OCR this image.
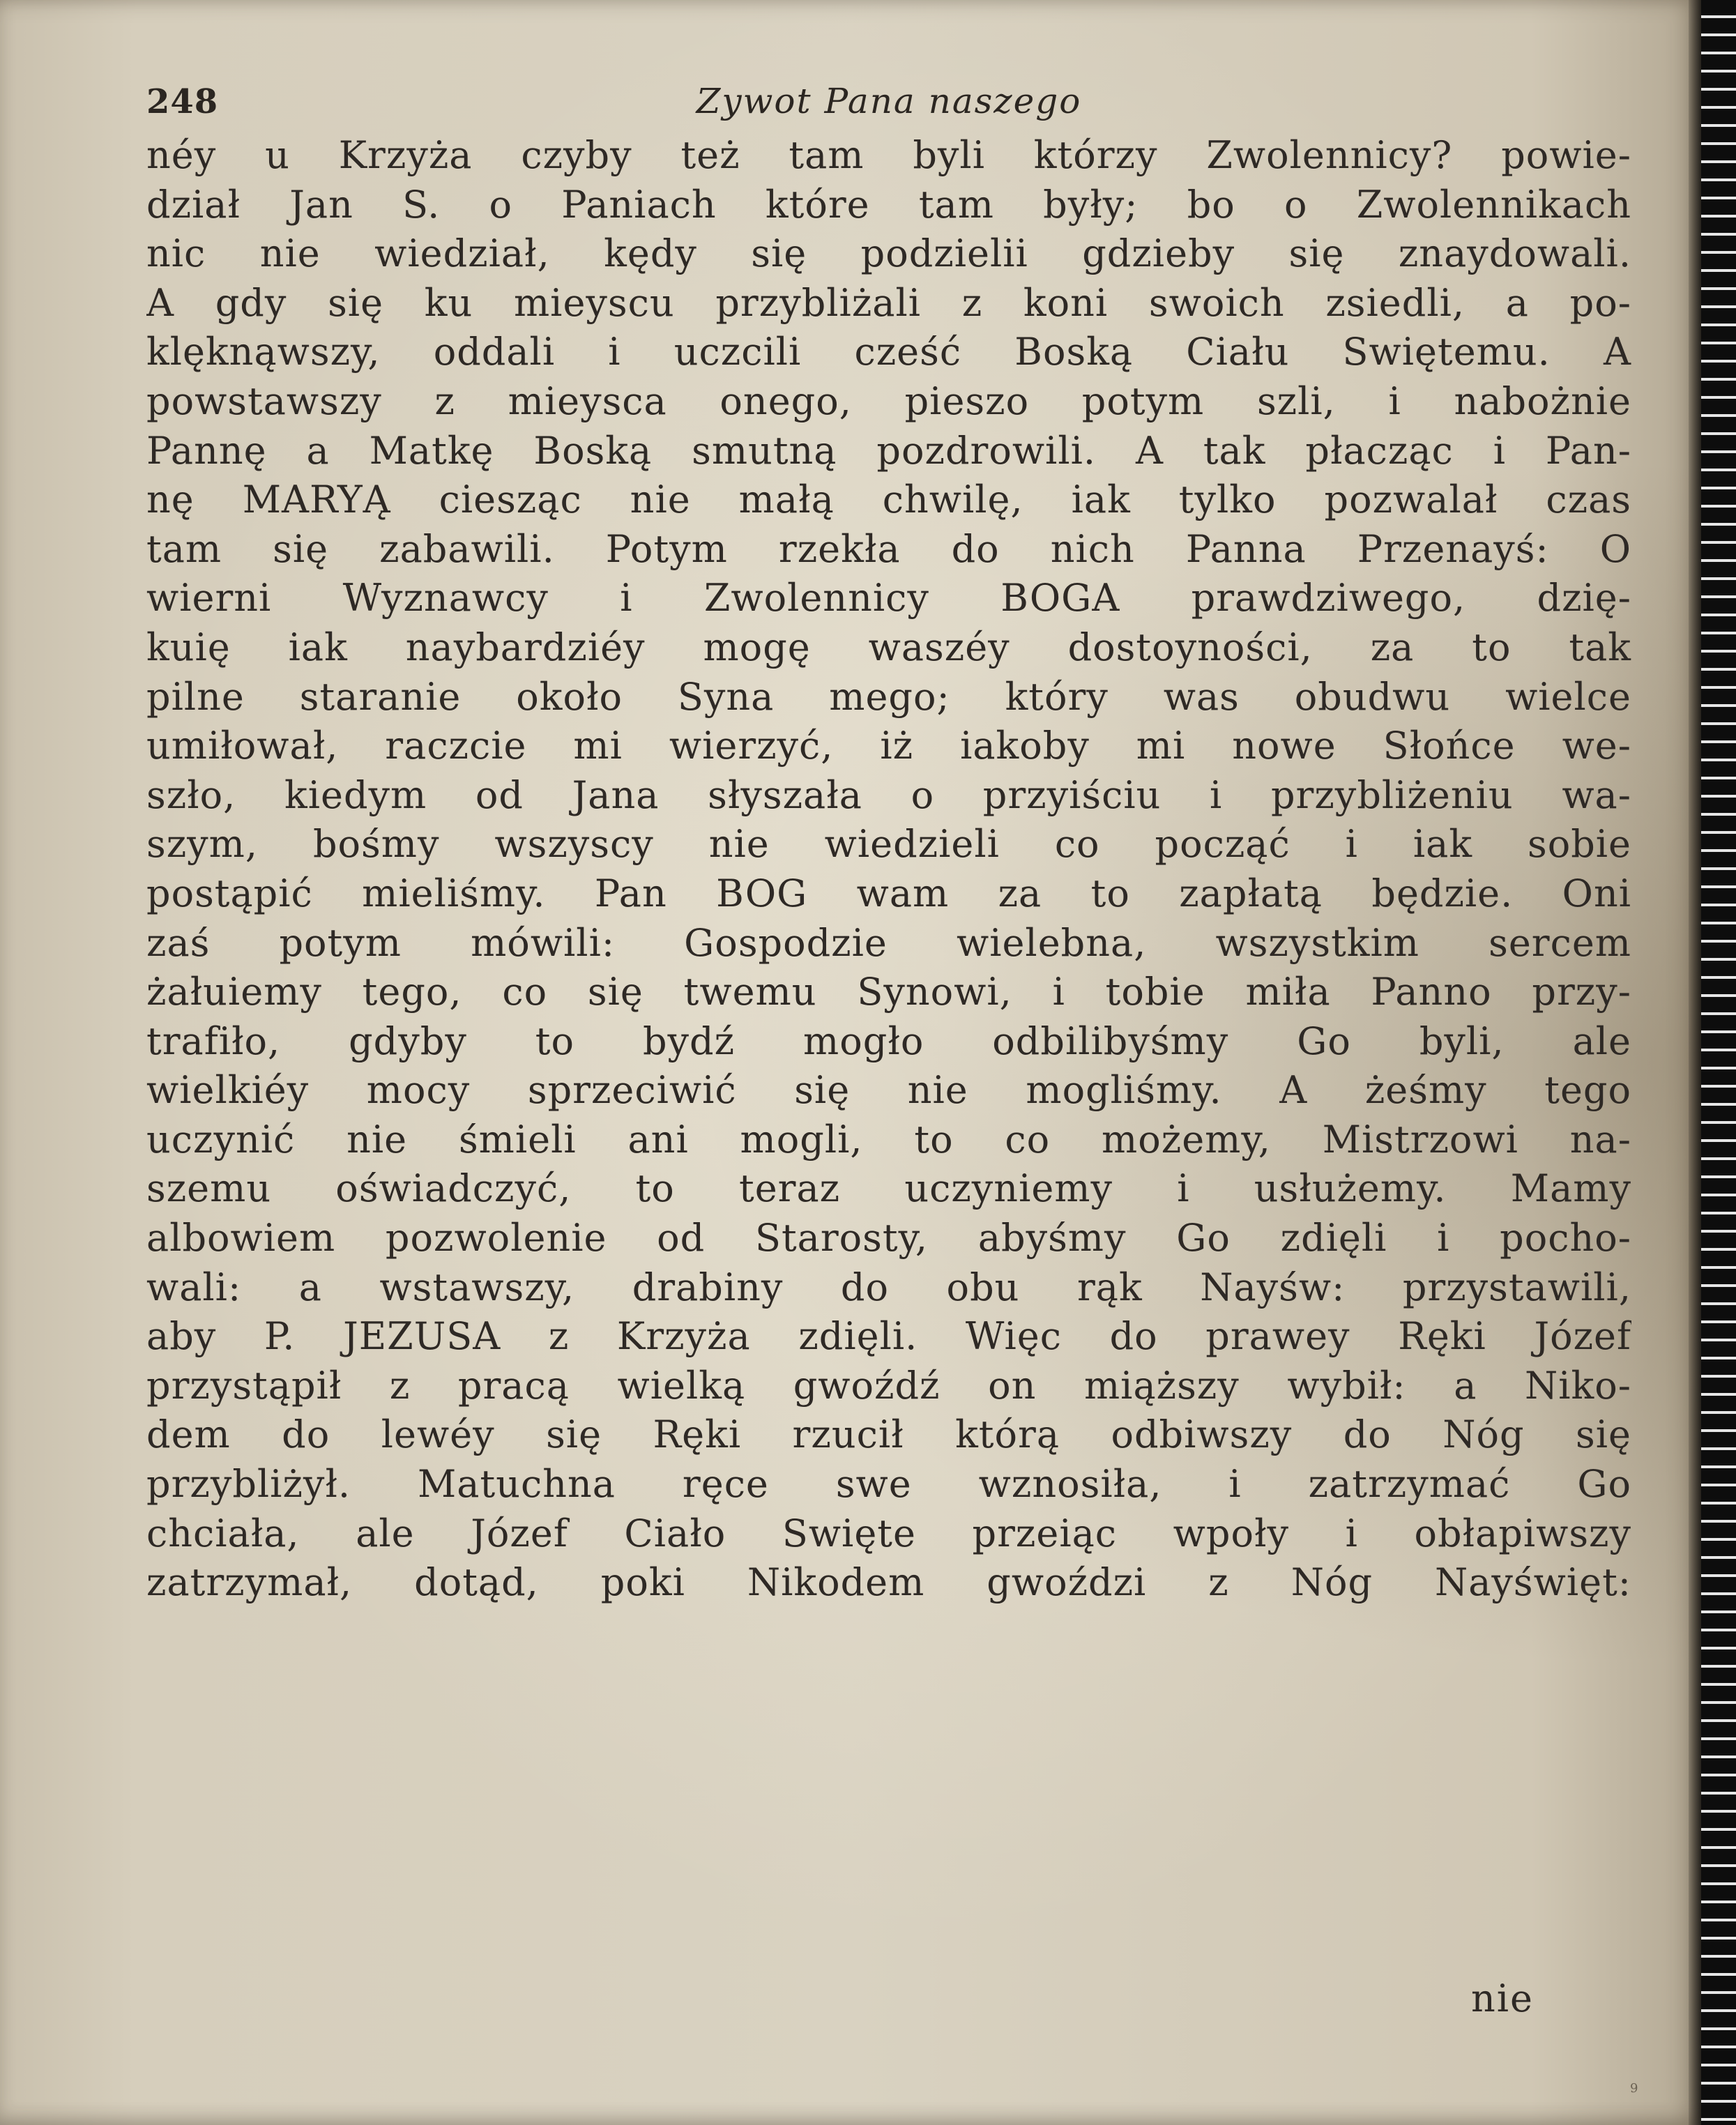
248	Zywot Pana naszego
néy u Krzyża czyby też tam byli którzy Zwolennicy? powie-
dział Jan S. o Paniach które tam były; bo o Zwolennikach
nic nie wiedział, kędy się podzielii gdzieby się znaydowali.
A gdy się ku mieyscu przybliżali z koni swoich zsiedli, a po-
klęknąwszy, oddali i uczcili cześć Boską Ciału Swiętemu. A
powstawszy z mieysca onego, pieszo potym szli, i nabożnie
Pannę a Matkę Boską smutną pozdrowili. A tak płacząc i Pan-
nę MARYĄ ciesząc nie małą chwilę, iak tylko pozwalał czas
tam się zabawili. Potym rzekła do nich Panna Przenayś: O
wierni Wyznawcy i Zwolennicy BOGA prawdziwego, dzię-
kuię iak naybardziéy mogę waszéy dostoyności, za to tak
pilne staranie około Syna mego; który was obudwu wielce
umiłował, raczcie mi wierzyć, iż iakoby mi nowe Słońce we-
szło, kiedym od Jana słyszała o przyiściu i przybliżeniu wa-
szym, bośmy wszyscy nie wiedzieli co począć i iak sobie
postąpić mieliśmy. Pan BOG wam za to zapłatą będzie. Oni
zaś potym mówili: Gospodzie wielebna, wszystkim sercem
żałuiemy tego, co się twemu Synowi, i tobie miła Panno przy-
trafiło, gdyby to bydź mogło odbilibyśmy Go byli, ale
wielkiéy mocy sprzeciwić się nie mogliśmy. A żeśmy tego
uczynić nie śmieli ani mogli, to co możemy, Mistrzowi na-
szemu oświadczyć, to teraz uczyniemy i usłużemy. Mamy
albowiem pozwolenie od Starosty, abyśmy Go zdięli i pocho-
wali: a wstawszy, drabiny do obu rąk Nayśw: przystawili,
aby P. JEZUSA z Krzyża zdięli. Więc do prawey Ręki Józef
przystąpił z pracą wielką gwoźdź on miąższy wybił: a Niko-
dem do lewéy się Ręki rzucił którą odbiwszy do Nóg się
przybliżył. Matuchna ręce swe wznosiła, i zatrzymać Go
chciała, ale Józef Ciało Swięte przeiąc wpoły i obłapiwszy
zatrzymał, dotąd, poki Nikodem gwoździ z Nóg Nayświęt:
nie
9
